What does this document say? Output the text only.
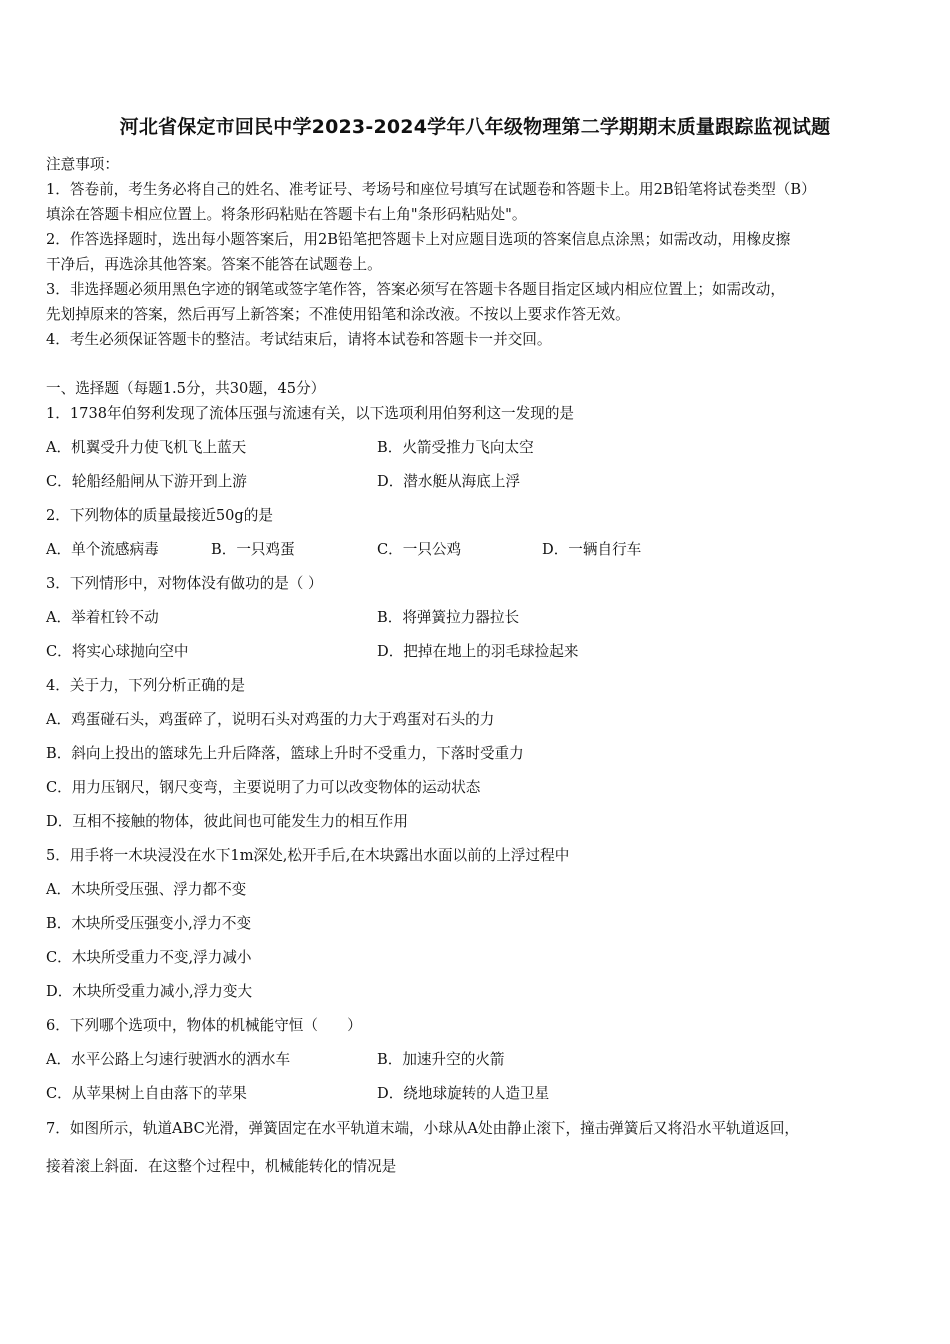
河北省保定市回民中学2023-2024学年八年级物理第二学期期末质量跟踪监视试题
注意事项：
1．答卷前，考生务必将自己的姓名、准考证号、考场号和座位号填写在试题卷和答题卡上。用2B铅笔将试卷类型（B）
填涂在答题卡相应位置上。将条形码粘贴在答题卡右上角"条形码粘贴处"。
2．作答选择题时，选出每小题答案后，用2B铅笔把答题卡上对应题目选项的答案信息点涂黑；如需改动，用橡皮擦
干净后，再选涂其他答案。答案不能答在试题卷上。
3．非选择题必须用黑色字迹的钢笔或签字笔作答，答案必须写在答题卡各题目指定区域内相应位置上；如需改动，
先划掉原来的答案，然后再写上新答案；不准使用铅笔和涂改液。不按以上要求作答无效。
4．考生必须保证答题卡的整洁。考试结束后，请将本试卷和答题卡一并交回。
一、选择题（每题1.5分，共30题，45分）
1．1738年伯努利发现了流体压强与流速有关，以下选项利用伯努利这一发现的是
A．机翼受升力使飞机飞上蓝天	B．火箭受推力飞向太空
C．轮船经船闸从下游开到上游	D．潜水艇从海底上浮
2．下列物体的质量最接近50g的是
A．单个流感病毒	B．一只鸡蛋	C．一只公鸡	D．一辆自行车
3．下列情形中，对物体没有做功的是（ ）
A．举着杠铃不动	B．将弹簧拉力器拉长
C．将实心球抛向空中	D．把掉在地上的羽毛球捡起来
4．关于力，下列分析正确的是
A．鸡蛋碰石头，鸡蛋碎了，说明石头对鸡蛋的力大于鸡蛋对石头的力
B．斜向上投出的篮球先上升后降落，篮球上升时不受重力，下落时受重力
C．用力压钢尺，钢尺变弯，主要说明了力可以改变物体的运动状态
D．互相不接触的物体，彼此间也可能发生力的相互作用
5．用手将一木块浸没在水下1m深处,松开手后,在木块露出水面以前的上浮过程中
A．木块所受压强、浮力都不变
B．木块所受压强变小,浮力不变
C．木块所受重力不变,浮力减小
D．木块所受重力减小,浮力变大
6．下列哪个选项中，物体的机械能守恒（　　）
A．水平公路上匀速行驶洒水的洒水车	B．加速升空的火箭
C．从苹果树上自由落下的苹果	D．绕地球旋转的人造卫星
7．如图所示，轨道ABC光滑，弹簧固定在水平轨道末端，小球从A处由静止滚下，撞击弹簧后又将沿水平轨道返回，
接着滚上斜面．在这整个过程中，机械能转化的情况是
